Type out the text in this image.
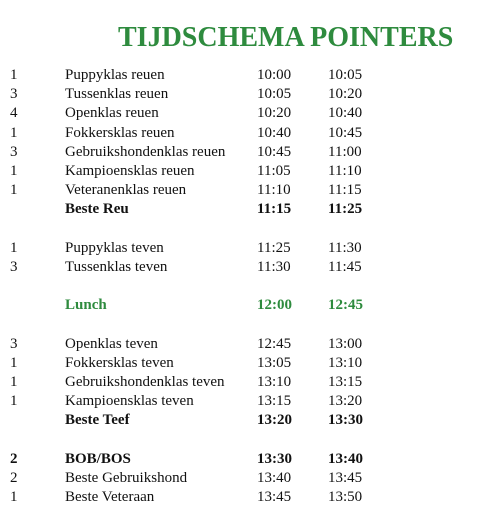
TIJDSCHEMA POINTERS
1	Puppyklas reuen	10:00 10:05
3	Tussenklas reuen	10:05 10:20
4	Openklas reuen	10:20 10:40
1	Fokkersklas reuen	10:40 10:45
3	Gebruikshondenklas reuen 10:45 11:00
1	Kampioensklas reuen	11:05 11:10
1	Veteranenklas reuen	11:10 11:15
Beste Reu	11:15 11:25
1	Puppyklas teven	11:25 11:30
3	Tussenklas teven	11:30 11:45
Lunch	12:00 12:45
3	Openklas teven	12:45 13:00
1	Fokkersklas teven	13:05 13:10
1	Gebruikshondenklas teven 13:10 13:15
1	Kampioensklas teven	13:15 13:20
Beste Teef	13:20 13:30
2	BOB/BOS	13:30 13:40
2	Beste Gebruikshond	13:40 13:45
1	Beste Veteraan	13:45 13:50
